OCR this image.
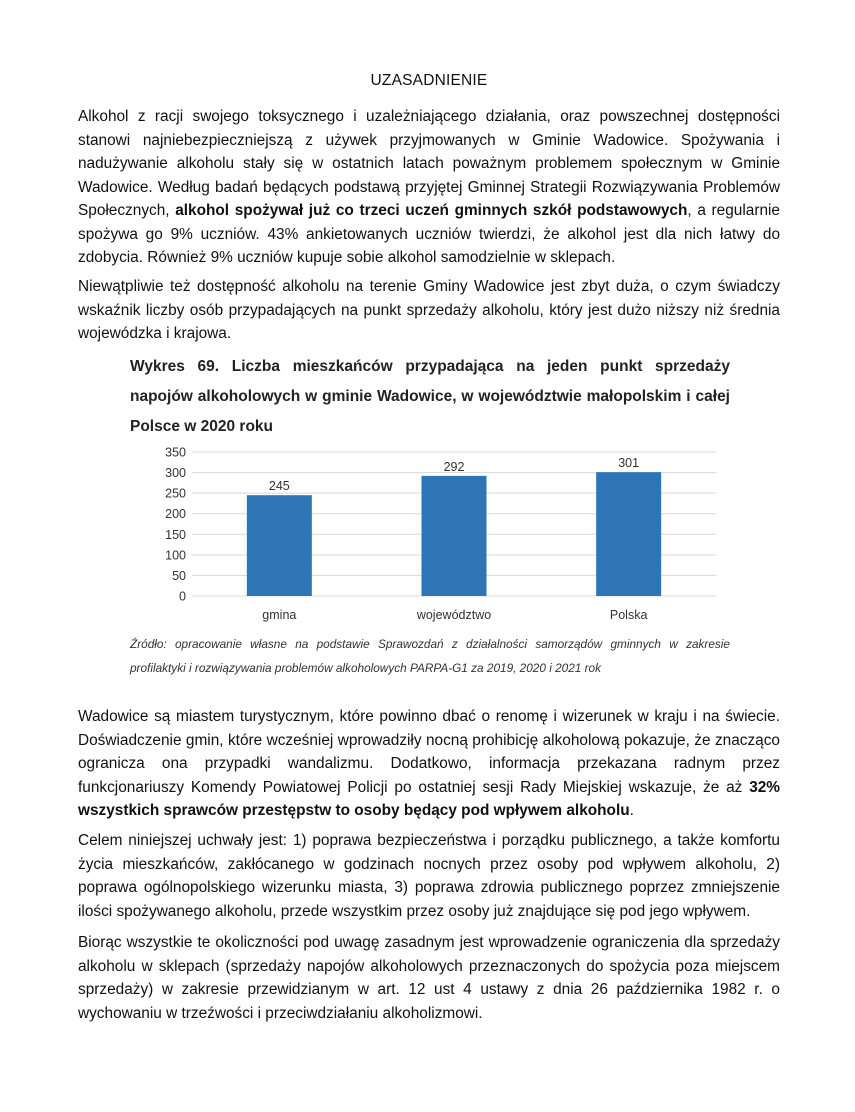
UZASADNIENIE

Alkohol z racji swojego toksycznego i uzależniającego działania, oraz powszechnej dostępności stanowi najniebezpieczniejszą z używek przyjmowanych w Gminie Wadowice. Spożywania i nadużywanie alkoholu stały się w ostatnich latach poważnym problemem społecznym w Gminie Wadowice. Według badań będących podstawą przyjętej Gminnej Strategii Rozwiązywania Problemów Społecznych, alkohol spożywał już co trzeci uczeń gminnych szkół podstawowych, a regularnie spożywa go 9% uczniów. 43% ankietowanych uczniów twierdzi, że alkohol jest dla nich łatwy do zdobycia. Również 9% uczniów kupuje sobie alkohol samodzielnie w sklepach.

Niewątpliwie też dostępność alkoholu na terenie Gminy Wadowice jest zbyt duża, o czym świadczy wskaźnik liczby osób przypadających na punkt sprzedaży alkoholu, który jest dużo niższy niż średnia wojewódzka i krajowa.

Wykres 69. Liczba mieszkańców przypadająca na jeden punkt sprzedaży napojów alkoholowych w gminie Wadowice, w województwie małopolskim i całej Polsce w 2020 roku
0
50
100
150
200
250
300
350
245
gmina
292
województwo
301
Polska
Źródło: opracowanie własne na podstawie Sprawozdań z działalności samorządów gminnych w zakresie profilaktyki i rozwiązywania problemów alkoholowych PARPA-G1 za 2019, 2020 i 2021 rok

Wadowice są miastem turystycznym, które powinno dbać o renomę i wizerunek w kraju i na świecie. Doświadczenie gmin, które wcześniej wprowadziły nocną prohibicję alkoholową pokazuje, że znacząco ogranicza ona przypadki wandalizmu. Dodatkowo, informacja przekazana radnym przez funkcjonariuszy Komendy Powiatowej Policji po ostatniej sesji Rady Miejskiej wskazuje, że aż 32% wszystkich sprawców przestępstw to osoby będący pod wpływem alkoholu.

Celem niniejszej uchwały jest: 1) poprawa bezpieczeństwa i porządku publicznego, a także komfortu życia mieszkańców, zakłócanego w godzinach nocnych przez osoby pod wpływem alkoholu, 2) poprawa ogólnopolskiego wizerunku miasta, 3) poprawa zdrowia publicznego poprzez zmniejszenie ilości spożywanego alkoholu, przede wszystkim przez osoby już znajdujące się pod jego wpływem.

Biorąc wszystkie te okoliczności pod uwagę zasadnym jest wprowadzenie ograniczenia dla sprzedaży alkoholu w sklepach (sprzedaży napojów alkoholowych przeznaczonych do spożycia poza miejscem sprzedaży) w zakresie przewidzianym w art. 12 ust 4 ustawy z dnia 26 października 1982 r. o wychowaniu w trzeźwości i przeciwdziałaniu alkoholizmowi.
